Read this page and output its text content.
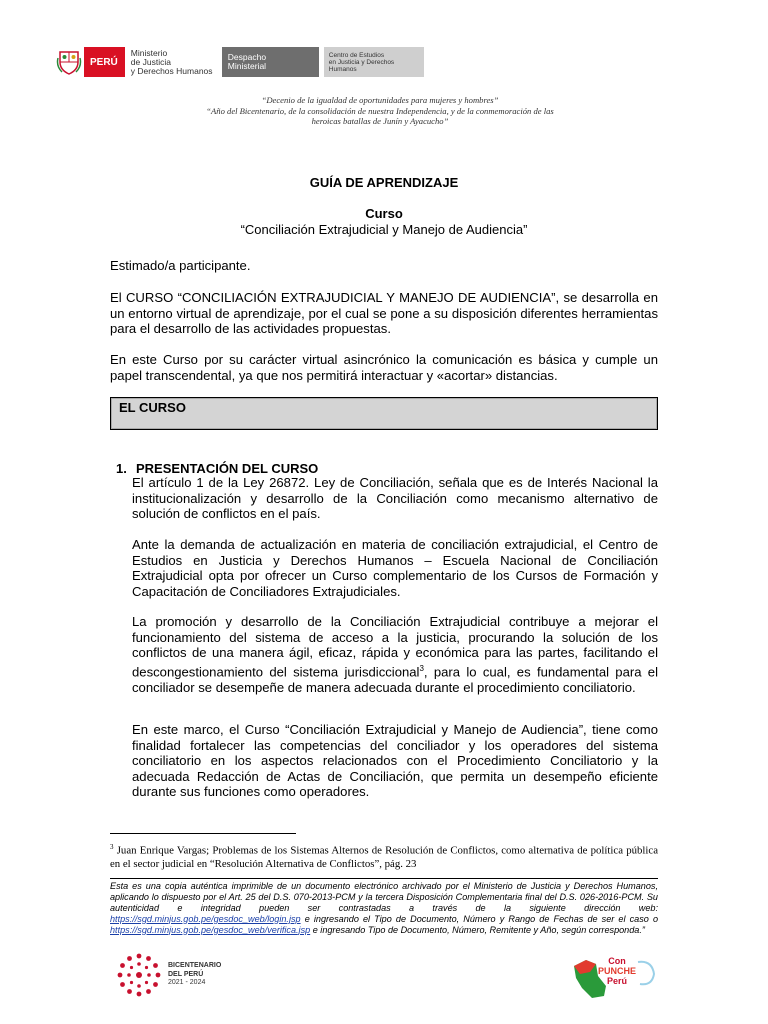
PERÚ
Ministerio
de Justicia
y Derechos Humanos
Despacho
Ministerial
Centro de Estudios
en Justicia y Derechos
Humanos
“Decenio de la igualdad de oportunidades para mujeres y hombres”
“Año del Bicentenario, de la consolidación de nuestra Independencia, y de la conmemoración de las
heroicas batallas de Junín y Ayacucho”
GUÍA DE APRENDIZAJE
Curso
“Conciliación Extrajudicial y Manejo de Audiencia”
Estimado/a participante.
El CURSO “CONCILIACIÓN EXTRAJUDICIAL Y MANEJO DE AUDIENCIA”, se desarrolla en un entorno virtual de aprendizaje, por el cual se pone a su disposición diferentes herramientas para el desarrollo de las actividades propuestas.
En este Curso por su carácter virtual asincrónico la comunicación es básica y cumple un papel transcendental, ya que nos permitirá interactuar y «acortar» distancias.
EL CURSO
1. PRESENTACIÓN DEL CURSO
El artículo 1 de la Ley 26872. Ley de Conciliación, señala que es de Interés Nacional la institucionalización y desarrollo de la Conciliación como mecanismo alternativo de solución de conflictos en el país.
Ante la demanda de actualización en materia de conciliación extrajudicial, el Centro de Estudios en Justicia y Derechos Humanos – Escuela Nacional de Conciliación Extrajudicial opta por ofrecer un Curso complementario de los Cursos de Formación y Capacitación de Conciliadores Extrajudiciales.
La promoción y desarrollo de la Conciliación Extrajudicial contribuye a mejorar el funcionamiento del sistema de acceso a la justicia, procurando la solución de los conflictos de una manera ágil, eficaz, rápida y económica para las partes, facilitando el descongestionamiento del sistema jurisdiccional$^3$, para lo cual, es fundamental para el conciliador se desempeñe de manera adecuada durante el procedimiento conciliatorio.
En este marco, el Curso “Conciliación Extrajudicial y Manejo de Audiencia”, tiene como finalidad fortalecer las competencias del conciliador y los operadores del sistema conciliatorio en los aspectos relacionados con el Procedimiento Conciliatorio y la adecuada Redacción de Actas de Conciliación, que permita un desempeño eficiente durante sus funciones como operadores.
$^3$ Juan Enrique Vargas; Problemas de los Sistemas Alternos de Resolución de Conflictos, como alternativa de política pública en el sector judicial en “Resolución Alternativa de Conflictos”, pág. 23
Esta es una copia auténtica imprimible de un documento electrónico archivado por el Ministerio de Justicia y Derechos Humanos, aplicando lo dispuesto por el Art. 25 del D.S. 070-2013-PCM y la tercera Disposición Complementaria final del D.S. 026-2016-PCM. Su autenticidad e integridad pueden ser contrastadas a través de la siguiente dirección web: https://sgd.minjus.gob.pe/gesdoc_web/login.jsp e ingresando el Tipo de Documento, Número y Rango de Fechas de ser el caso o https://sgd.minjus.gob.pe/gesdoc_web/verifica.jsp e ingresando Tipo de Documento, Número, Remitente y Año, según corresponda.”
BICENTENARIO
DEL PERÚ
2021 - 2024
Con
PUNCHE
Perú
